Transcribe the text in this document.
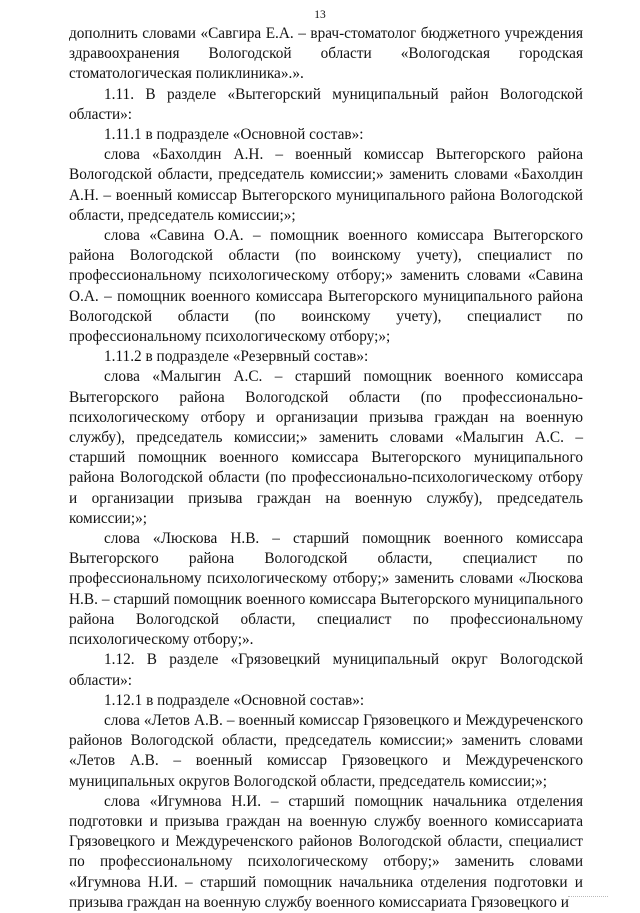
13

дополнить словами «Савгира Е.А. – врач-стоматолог бюджетного учреждения здравоохранения Вологодской области «Вологодская городская стоматологическая поликлиника».».

1.11. В разделе «Вытегорский муниципальный район Вологодской области»:

1.11.1 в подразделе «Основной состав»:

слова «Бахолдин А.Н. – военный комиссар Вытегорского района Вологодской области, председатель комиссии;» заменить словами «Бахолдин А.Н. – военный комиссар Вытегорского муниципального района Вологодской области, председатель комиссии;»;

слова «Савина О.А. – помощник военного комиссара Вытегорского района Вологодской области (по воинскому учету), специалист по профессиональному психологическому отбору;» заменить словами «Савина О.А. – помощник военного комиссара Вытегорского муниципального района Вологодской области (по воинскому учету), специалист по профессиональному психологическому отбору;»;

1.11.2 в подразделе «Резервный состав»:

слова «Малыгин А.С. – старший помощник военного комиссара Вытегорского района Вологодской области (по профессионально-психологическому отбору и организации призыва граждан на военную службу), председатель комиссии;» заменить словами «Малыгин А.С. – старший помощник военного комиссара Вытегорского муниципального района Вологодской области (по профессионально-психологическому отбору и организации призыва граждан на военную службу), председатель комиссии;»;

слова «Люскова Н.В. – старший помощник военного комиссара Вытегорского района Вологодской области, специалист по профессиональному психологическому отбору;» заменить словами «Люскова Н.В. – старший помощник военного комиссара Вытегорского муниципального района Вологодской области, специалист по профессиональному психологическому отбору;».

1.12. В разделе «Грязовецкий муниципальный округ Вологодской области»:

1.12.1 в подразделе «Основной состав»:

слова «Летов А.В. – военный комиссар Грязовецкого и Междуреченского районов Вологодской области, председатель комиссии;» заменить словами «Летов А.В. – военный комиссар Грязовецкого и Междуреченского муниципальных округов Вологодской области, председатель комиссии;»;

слова «Игумнова Н.И. – старший помощник начальника отделения подготовки и призыва граждан на военную службу военного комиссариата Грязовецкого и Междуреченского районов Вологодской области, специалист по профессиональному психологическому отбору;» заменить словами «Игумнова Н.И. – старший помощник начальника отделения подготовки и призыва граждан на военную службу военного комиссариата Грязовецкого и
